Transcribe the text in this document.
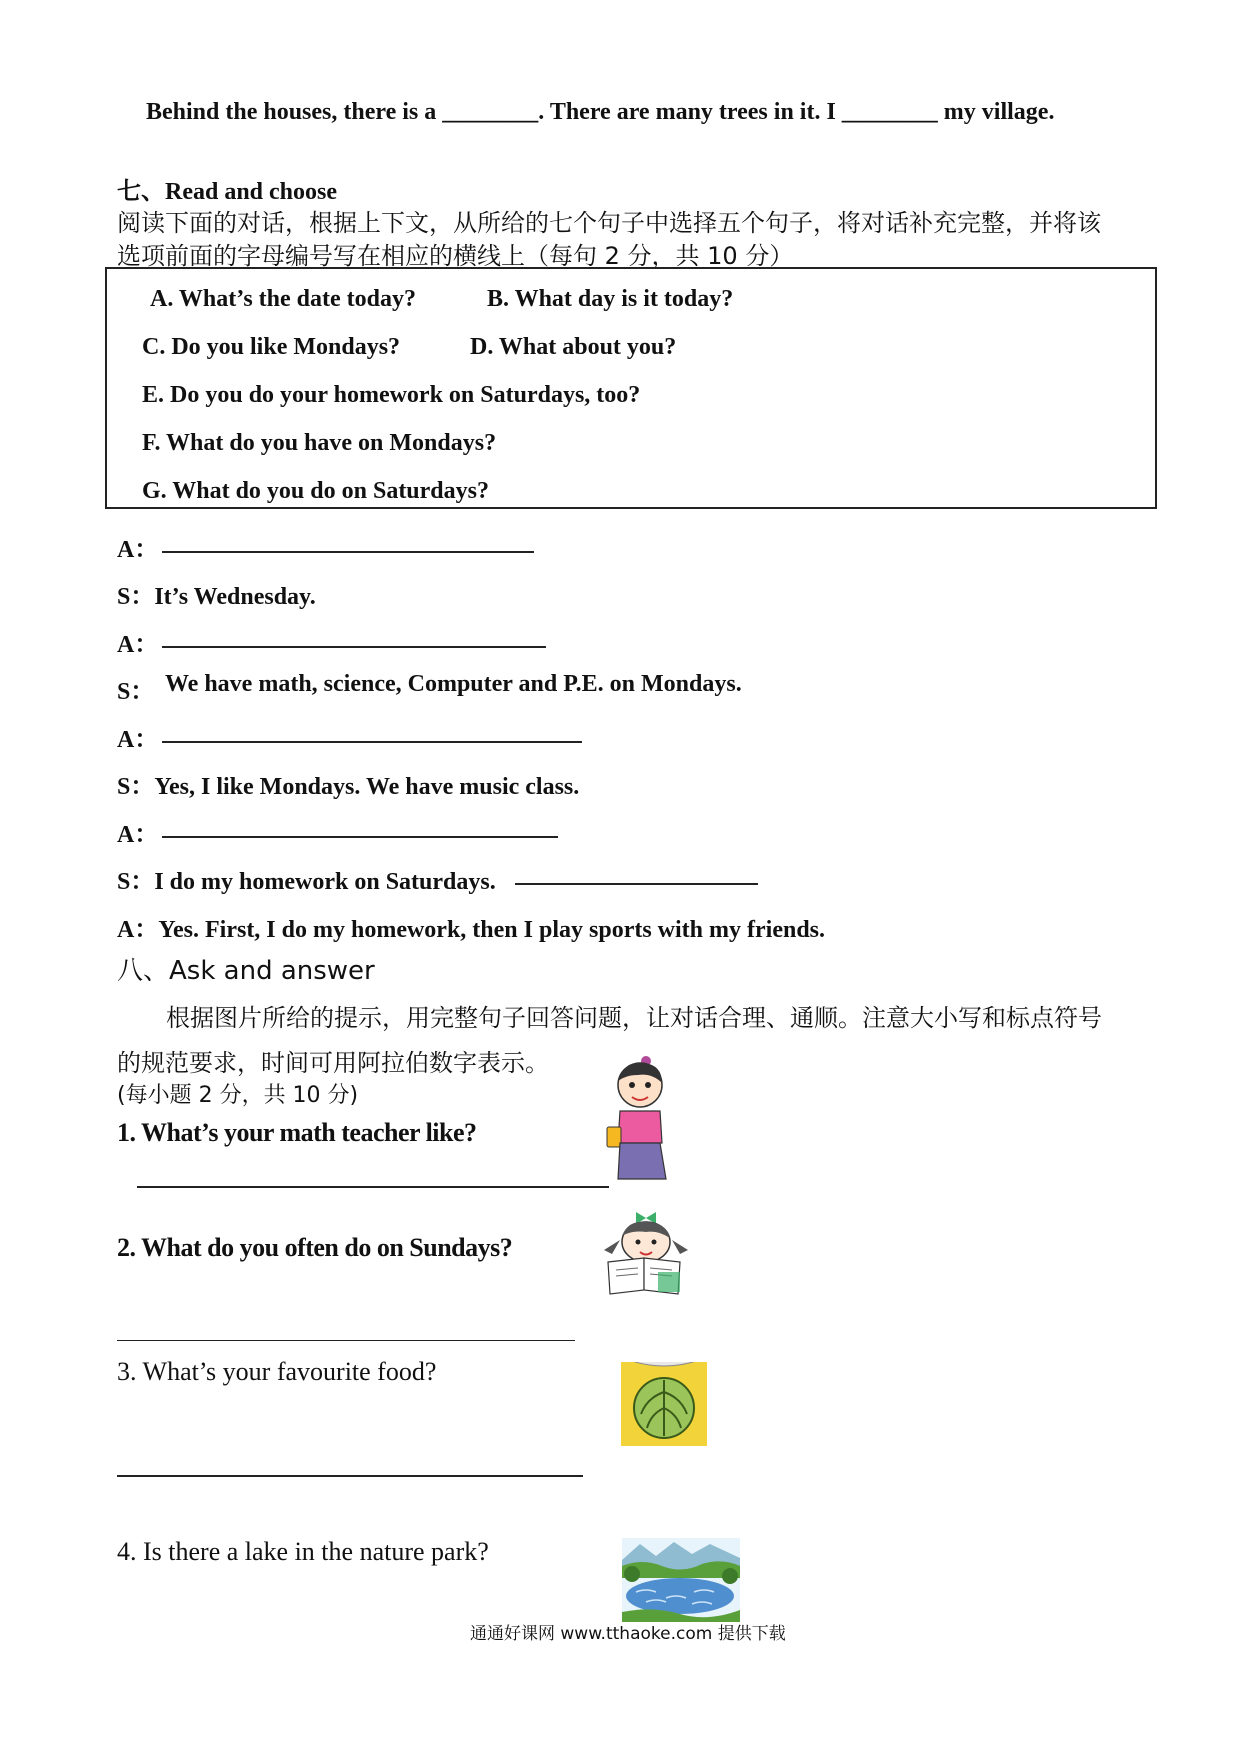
Behind the houses, there is a ________. There are many trees in it. I ________ my village.
七、Read and choose
阅读下面的对话，根据上下文，从所给的七个句子中选择五个句子，将对话补充完整，并将该
选项前面的字母编号写在相应的横线上（每句 2 分，共 10 分）
A. What’s the date today?	B. What day is it today?
C. Do you like Mondays?	D. What about you?
E. Do you do your homework on Saturdays, too?
F. What do you have on Mondays?
G. What do you do on Saturdays?
A：
S：It’s Wednesday.
A：
S： We have math, science, Computer and P.E. on Mondays.
A：
S：Yes, I like Mondays. We have music class.
A：
S：I do my homework on Saturdays.
A：Yes. First, I do my homework, then I play sports with my friends.
八、Ask and answer
根据图片所给的提示，用完整句子回答问题，让对话合理、通顺。注意大小写和标点符号
的规范要求，时间可用阿拉伯数字表示。
(每小题 2 分，共 10 分)
1. What’s your math teacher like?
2. What do you often do on Sundays?
3. What’s your favourite food?
4. Is there a lake in the nature park?
通通好课网 www.tthaoke.com 提供下载
